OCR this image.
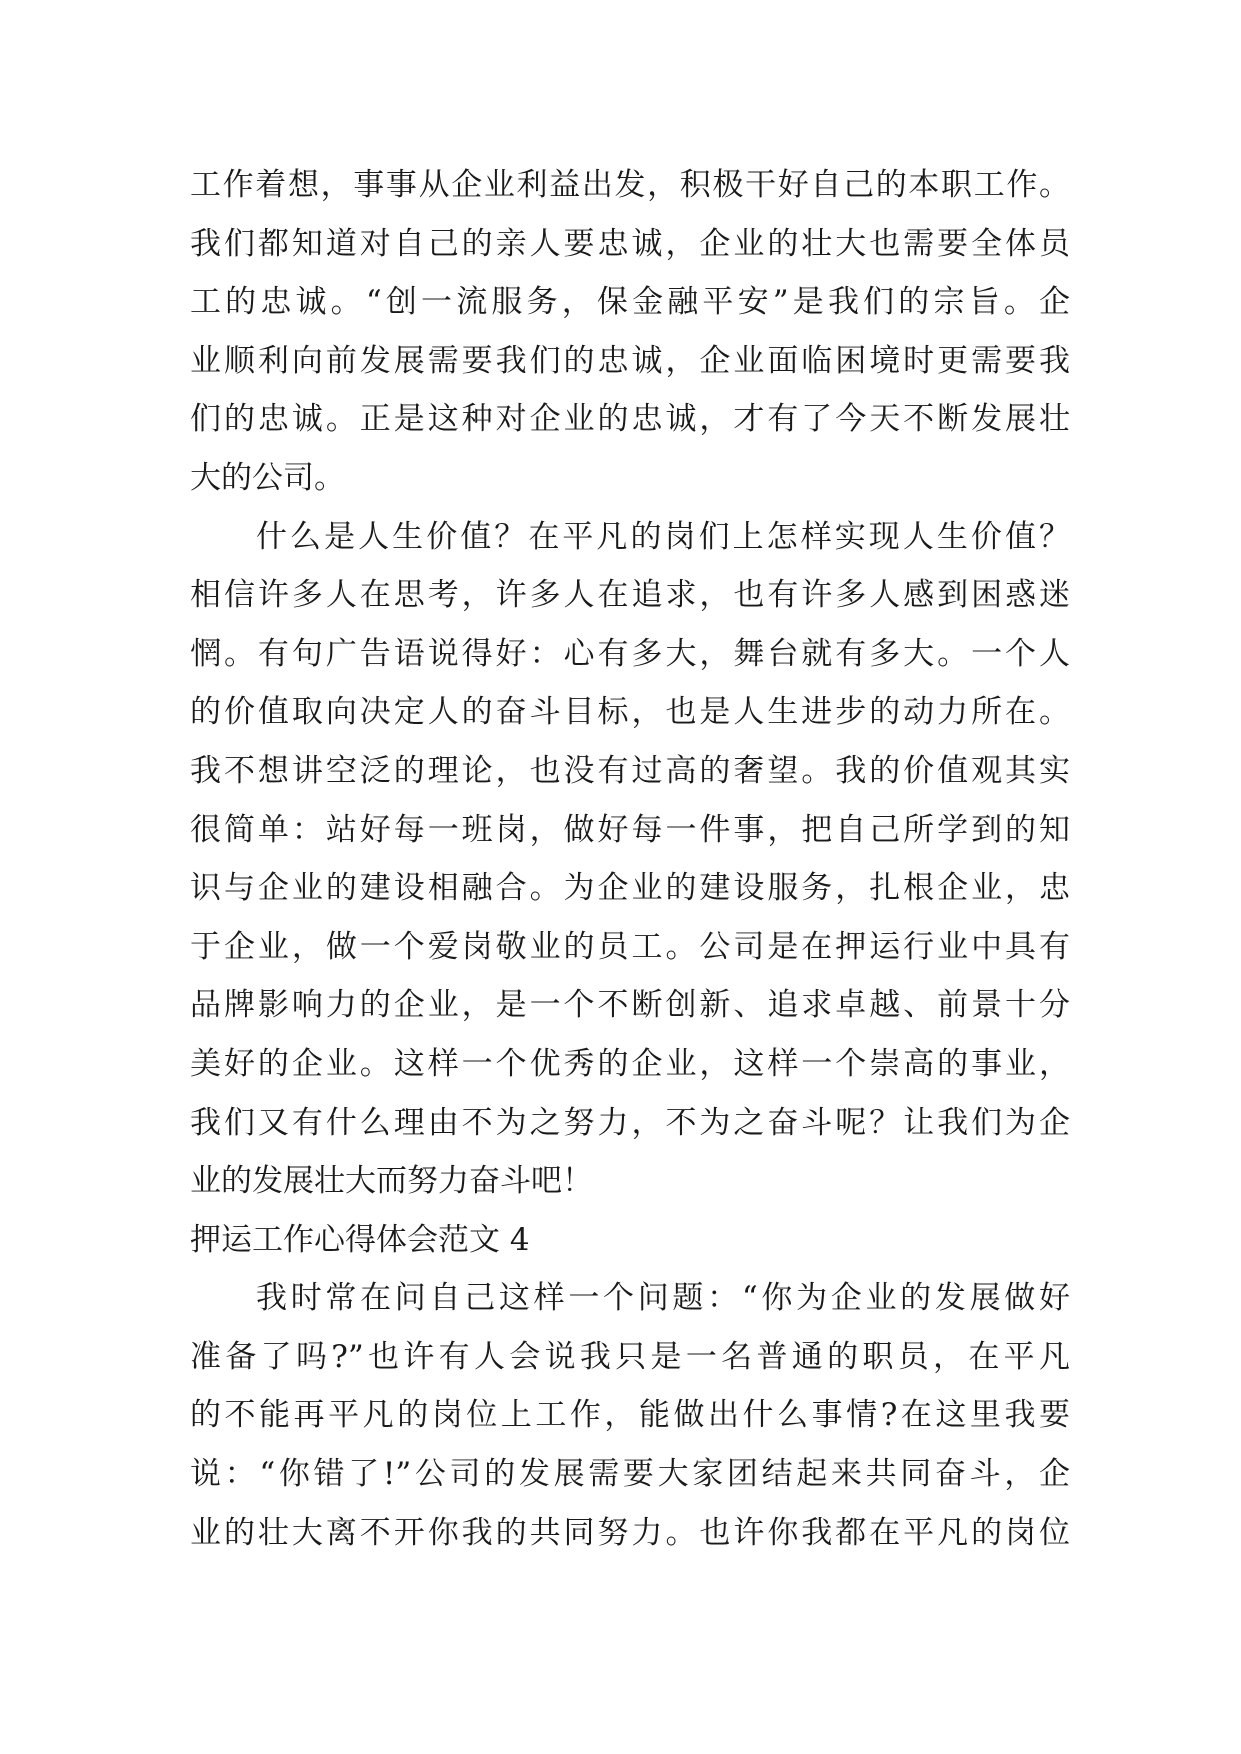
工作着想，事事从企业利益出发，积极干好自己的本职工作。
我们都知道对自己的亲人要忠诚，企业的壮大也需要全体员
工的忠诚。“创一流服务，保金融平安”是我们的宗旨。企
业顺利向前发展需要我们的忠诚，企业面临困境时更需要我
们的忠诚。正是这种对企业的忠诚，才有了今天不断发展壮
大的公司。
什么是人生价值？在平凡的岗们上怎样实现人生价值？
相信许多人在思考，许多人在追求，也有许多人感到困惑迷
惘。有句广告语说得好：心有多大，舞台就有多大。一个人
的价值取向决定人的奋斗目标，也是人生进步的动力所在。
我不想讲空泛的理论，也没有过高的奢望。我的价值观其实
很简单：站好每一班岗，做好每一件事，把自己所学到的知
识与企业的建设相融合。为企业的建设服务，扎根企业，忠
于企业，做一个爱岗敬业的员工。公司是在押运行业中具有
品牌影响力的企业，是一个不断创新、追求卓越、前景十分
美好的企业。这样一个优秀的企业，这样一个崇高的事业，
我们又有什么理由不为之努力，不为之奋斗呢？让我们为企
业的发展壮大而努力奋斗吧！
押运工作心得体会范文 4
我时常在问自己这样一个问题：“你为企业的发展做好
准备了吗?”也许有人会说我只是一名普通的职员，在平凡
的不能再平凡的岗位上工作，能做出什么事情?在这里我要
说：“你错了!”公司的发展需要大家团结起来共同奋斗，企
业的壮大离不开你我的共同努力。也许你我都在平凡的岗位
